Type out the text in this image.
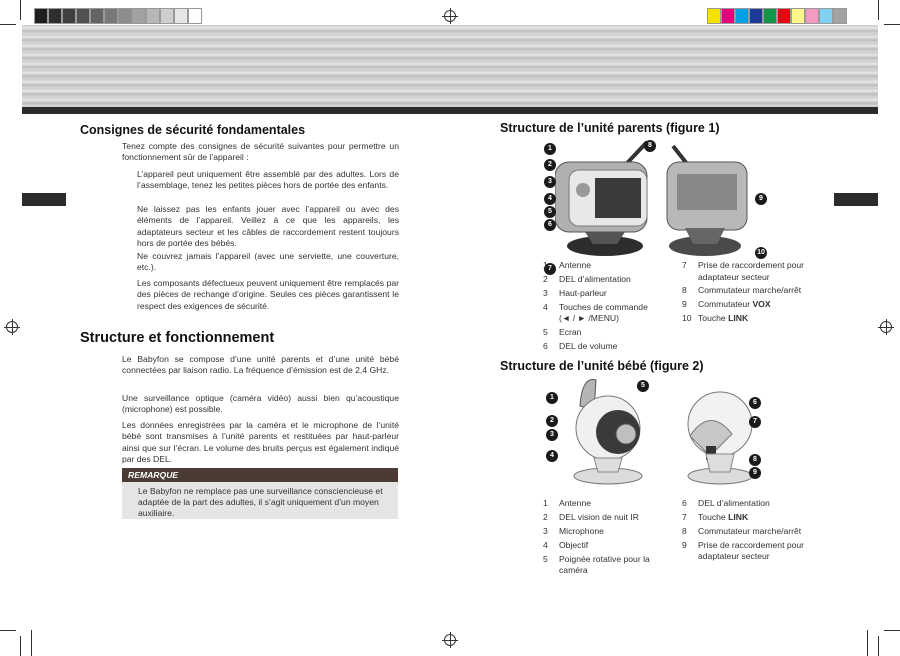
Consignes de sécurité fondamentales
Tenez compte des consignes de sécurité suivantes pour permettre un fonctionnement sûr de l’appareil :
L’appareil peut uniquement être assemblé par des adultes. Lors de l’assemblage, tenez les petites pièces hors de portée des enfants.
Ne laissez pas les enfants jouer avec l’appareil ou avec des éléments de l’appareil. Veillez à ce que les appareils, les adaptateurs secteur et les câbles de raccordement restent toujours hors de portée des bébés.
Ne couvrez jamais l’appareil (avec une serviette, une couverture, etc.).
Les composants défectueux peuvent uniquement être remplacés par des pièces de rechange d’origine. Seules ces pièces garantissent le respect des exigences de sécurité.
Structure et fonctionnement
Le Babyfon se compose d’une unité parents et d’une unité bébé connectées par liaison radio. La fréquence d’émission est de 2,4 GHz.
Une surveillance optique (caméra vidéo) aussi bien qu’acoustique (microphone) est possible.
Les données enregistrées par la caméra et le microphone de l’unité bébé sont transmises à l’unité parents et restituées par haut-parleur ainsi que sur l’écran. Le volume des bruits perçus est également indiqué par des DEL.
REMARQUE
Le Babyfon ne remplace pas une surveillance consciencieuse et adaptée de la part des adultes, il s’agit uniquement d’un moyen auxiliaire.
Structure de l’unité parents (figure 1)
1
2
3
4
5
6
7
8
9
10
1	Antenne
2	DEL d’alimentation
3	Haut-parleur
4	Touches de commande
(◄ / ► /MENU)
5	Ecran
6	DEL de volume
7	Prise de raccordement pour
adaptateur secteur
8	Commutateur marche/arrêt
9	Commutateur VOX
10 Touche LINK
Structure de l’unité bébé (figure 2)
1
2
3
4
5
6
7
8
9
1	Antenne
2	DEL vision de nuit IR
3	Microphone
4	Objectif
5	Poignée rotative pour la
caméra
6	DEL d’alimentation
7	Touche LINK
8	Commutateur marche/arrêt
9	Prise de raccordement pour
adaptateur secteur
